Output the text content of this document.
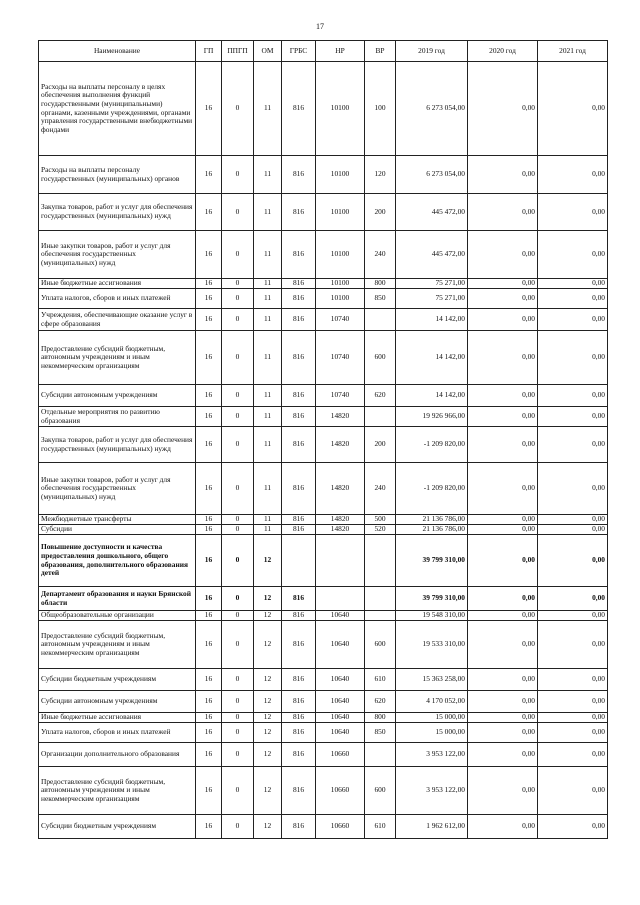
17
Наименование	ГП	ППГП	ОМ	ГРБС	НР	ВР	2019 год	2020 год	2021 год
Расходы на выплаты персоналу в целях обеспечения выполнения функций государственными (муниципальными) органами, казенными учреждениями, органами управления государственными внебюджетными фондами	16	0	11	816	10100	100	6 273 054,00	0,00	0,00
Расходы на выплаты персоналу государственных (муниципальных) органов	16	0	11	816	10100	120	6 273 054,00	0,00	0,00
Закупка товаров, работ и услуг для обеспечения государственных (муниципальных) нужд	16	0	11	816	10100	200	445 472,00	0,00	0,00
Иные закупки товаров, работ и услуг для обеспечения государственных (муниципальных) нужд	16	0	11	816	10100	240	445 472,00	0,00	0,00
Иные бюджетные ассигнования	16	0	11	816	10100	800	75 271,00	0,00	0,00
Уплата налогов, сборов и иных платежей	16	0	11	816	10100	850	75 271,00	0,00	0,00
Учреждения, обеспечивающие оказание услуг в сфере образования	16	0	11	816	10740		14 142,00	0,00	0,00
Предоставление субсидий бюджетным, автономным учреждениям и иным некоммерческим организациям	16	0	11	816	10740	600	14 142,00	0,00	0,00
Субсидии автономным учреждениям	16	0	11	816	10740	620	14 142,00	0,00	0,00
Отдельные мероприятия по развитию образования	16	0	11	816	14820		19 926 966,00	0,00	0,00
Закупка товаров, работ и услуг для обеспечения государственных (муниципальных) нужд	16	0	11	816	14820	200	-1 209 820,00	0,00	0,00
Иные закупки товаров, работ и услуг для обеспечения государственных (муниципальных) нужд	16	0	11	816	14820	240	-1 209 820,00	0,00	0,00
Межбюджетные трансферты	16	0	11	816	14820	500	21 136 786,00	0,00	0,00
Субсидии	16	0	11	816	14820	520	21 136 786,00	0,00	0,00
Повышение доступности и качества предоставления дошкольного, общего образования, дополнительного образования детей	16	0	12				39 799 310,00	0,00	0,00
Департамент образования и науки Брянской области	16	0	12	816			39 799 310,00	0,00	0,00
Общеобразовательные организации	16	0	12	816	10640		19 548 310,00	0,00	0,00
Предоставление субсидий бюджетным, автономным учреждениям и иным некоммерческим организациям	16	0	12	816	10640	600	19 533 310,00	0,00	0,00
Субсидии бюджетным учреждениям	16	0	12	816	10640	610	15 363 258,00	0,00	0,00
Субсидии автономным учреждениям	16	0	12	816	10640	620	4 170 052,00	0,00	0,00
Иные бюджетные ассигнования	16	0	12	816	10640	800	15 000,00	0,00	0,00
Уплата налогов, сборов и иных платежей	16	0	12	816	10640	850	15 000,00	0,00	0,00
Организации дополнительного образования	16	0	12	816	10660		3 953 122,00	0,00	0,00
Предоставление субсидий бюджетным, автономным учреждениям и иным некоммерческим организациям	16	0	12	816	10660	600	3 953 122,00	0,00	0,00
Субсидии бюджетным учреждениям	16	0	12	816	10660	610	1 962 612,00	0,00	0,00
